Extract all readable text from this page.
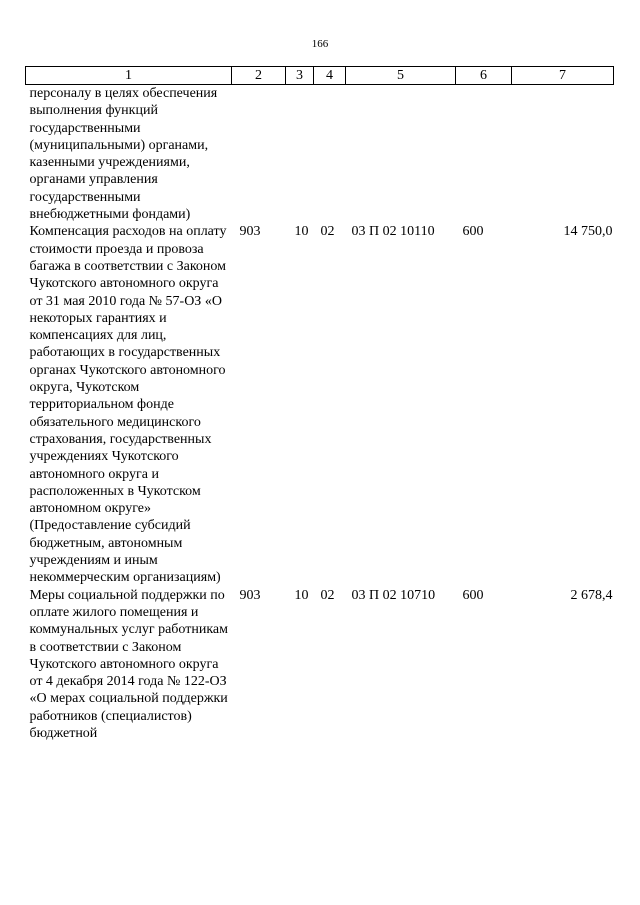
166
1	2	3	4	5	6	7
персоналу в целях обеспечения выполнения функций государственными (муниципальными) органами, казенными учреждениями, органами управления государственными внебюджетными фондами)						
Компенсация расходов на оплату стоимости проезда и провоза багажа в соответствии с Законом Чукотского автономного округа от 31 мая 2010 года № 57-ОЗ «О некоторых гарантиях и компенсациях для лиц, работающих в государственных органах Чукотского автономного округа, Чукотском территориальном фонде обязательного медицинского страхования, государственных учреждениях Чукотского автономного округа и расположенных в Чукотском автономном округе» (Предоставление субсидий бюджетным, автономным учреждениям и иным некоммерческим организациям)	903	10	02	03 П 02 10110	600	14 750,0
Меры социальной поддержки по оплате жилого помещения и коммунальных услуг работникам в соответствии с Законом Чукотского автономного округа от 4 декабря 2014 года № 122-ОЗ «О мерах социальной поддержки работников (специалистов) бюджетной	903	10	02	03 П 02 10710	600	2 678,4
